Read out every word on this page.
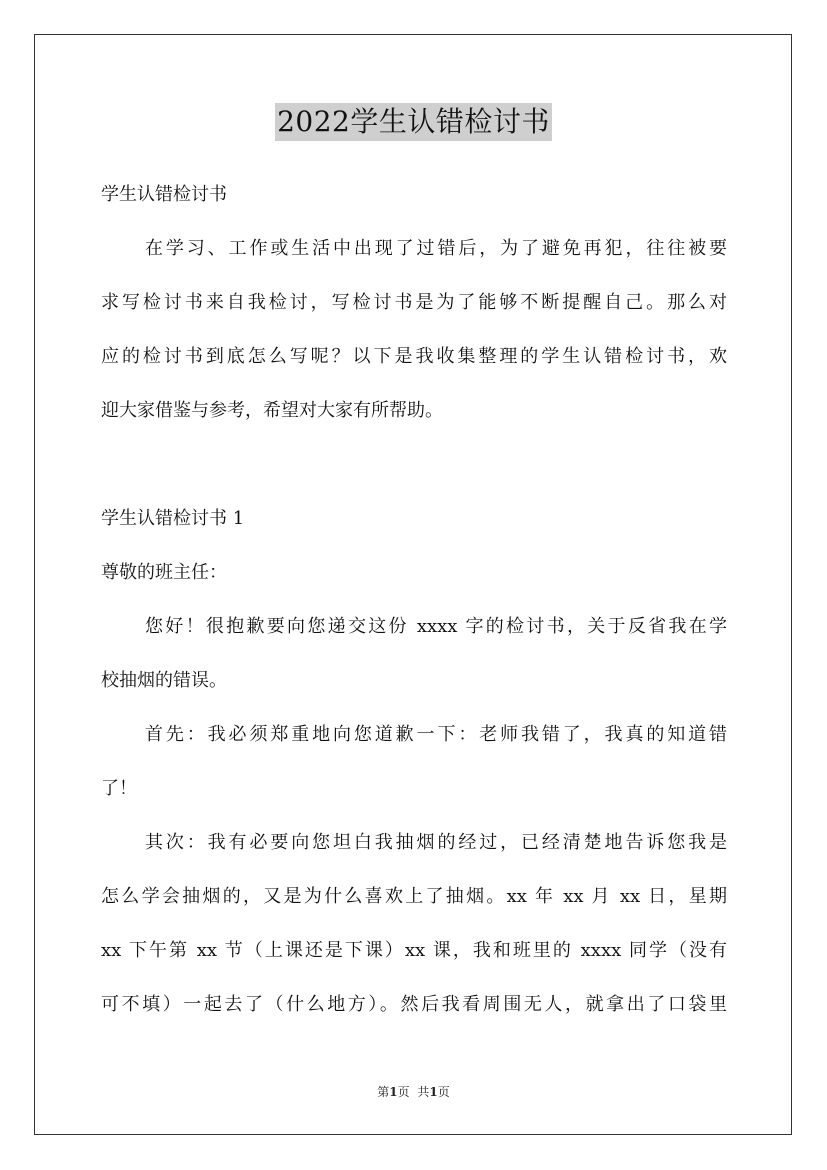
2022学生认错检讨书
学生认错检讨书
在学习、工作或生活中出现了过错后，为了避免再犯，往往被要
求写检讨书来自我检讨，写检讨书是为了能够不断提醒自己。那么对
应的检讨书到底怎么写呢？以下是我收集整理的学生认错检讨书，欢
迎大家借鉴与参考，希望对大家有所帮助。
学生认错检讨书 1
尊敬的班主任：
您好！很抱歉要向您递交这份 xxxx 字的检讨书，关于反省我在学
校抽烟的错误。
首先：我必须郑重地向您道歉一下：老师我错了，我真的知道错
了！
其次：我有必要向您坦白我抽烟的经过，已经清楚地告诉您我是
怎么学会抽烟的，又是为什么喜欢上了抽烟。xx 年 xx 月 xx 日，星期
xx 下午第 xx 节（上课还是下课）xx 课，我和班里的 xxxx 同学（没有
可不填）一起去了（什么地方）。然后我看周围无人，就拿出了口袋里
第1页 共1页
